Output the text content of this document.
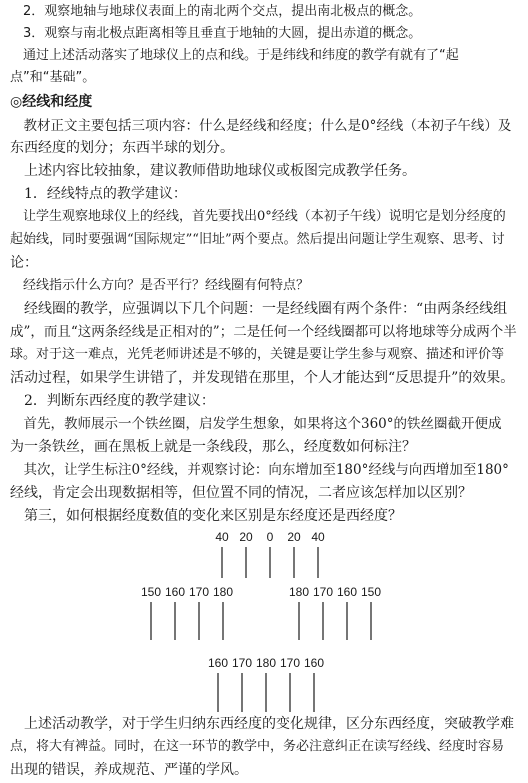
　2．观察地轴与地球仪表面上的南北两个交点，提出南北极点的概念。
　3．观察与南北极点距离相等且垂直于地轴的大圆，提出赤道的概念。
　通过上述活动落实了地球仪上的点和线。于是纬线和纬度的教学有就有了“起
点”和“基础”。
◎经线和经度
　教材正文主要包括三项内容：什么是经线和经度；什么是0°经线（本初子午线）及
东西经度的划分；东西半球的划分。
　上述内容比较抽象，建议教师借助地球仪或板图完成教学任务。
　1．经线特点的教学建议：
　让学生观察地球仪上的经线，首先要找出0°经线（本初子午线）说明它是划分经度的
起始线，同时要强调“国际规定”“旧址”两个要点。然后提出问题让学生观察、思考、讨
论：
　经线指示什么方向？是否平行？经线圈有何特点？
　经线圈的教学，应强调以下几个问题：一是经线圈有两个条件：“由两条经线组
成”，而且“这两条经线是正相对的”；二是任何一个经线圈都可以将地球等分成两个半
球。对于这一难点，光凭老师讲述是不够的，关键是要让学生参与观察、描述和评价等
活动过程，如果学生讲错了，并发现错在那里，个人才能达到“反思提升”的效果。
　2．判断东西经度的教学建议：
　首先，教师展示一个铁丝圈，启发学生想象，如果将这个360°的铁丝圈截开便成
为一条铁丝，画在黑板上就是一条线段，那么，经度数如何标注？
　其次，让学生标注0°经线，并观察讨论：向东增加至180°经线与向西增加至180°
经线，肯定会出现数据相等，但位置不同的情况，二者应该怎样加以区别？
　第三，如何根据经度数值的变化来区别是东经度还是西经度？
40 20 0 20 40
150 160 170 180	180 170 160 150
160 170 180 170 160
　上述活动教学，对于学生归纳东西经度的变化规律，区分东西经度，突破教学难
点，将大有裨益。同时，在这一环节的教学中，务必注意纠正在读写经线、经度时容易
出现的错误，养成规范、严谨的学风。
